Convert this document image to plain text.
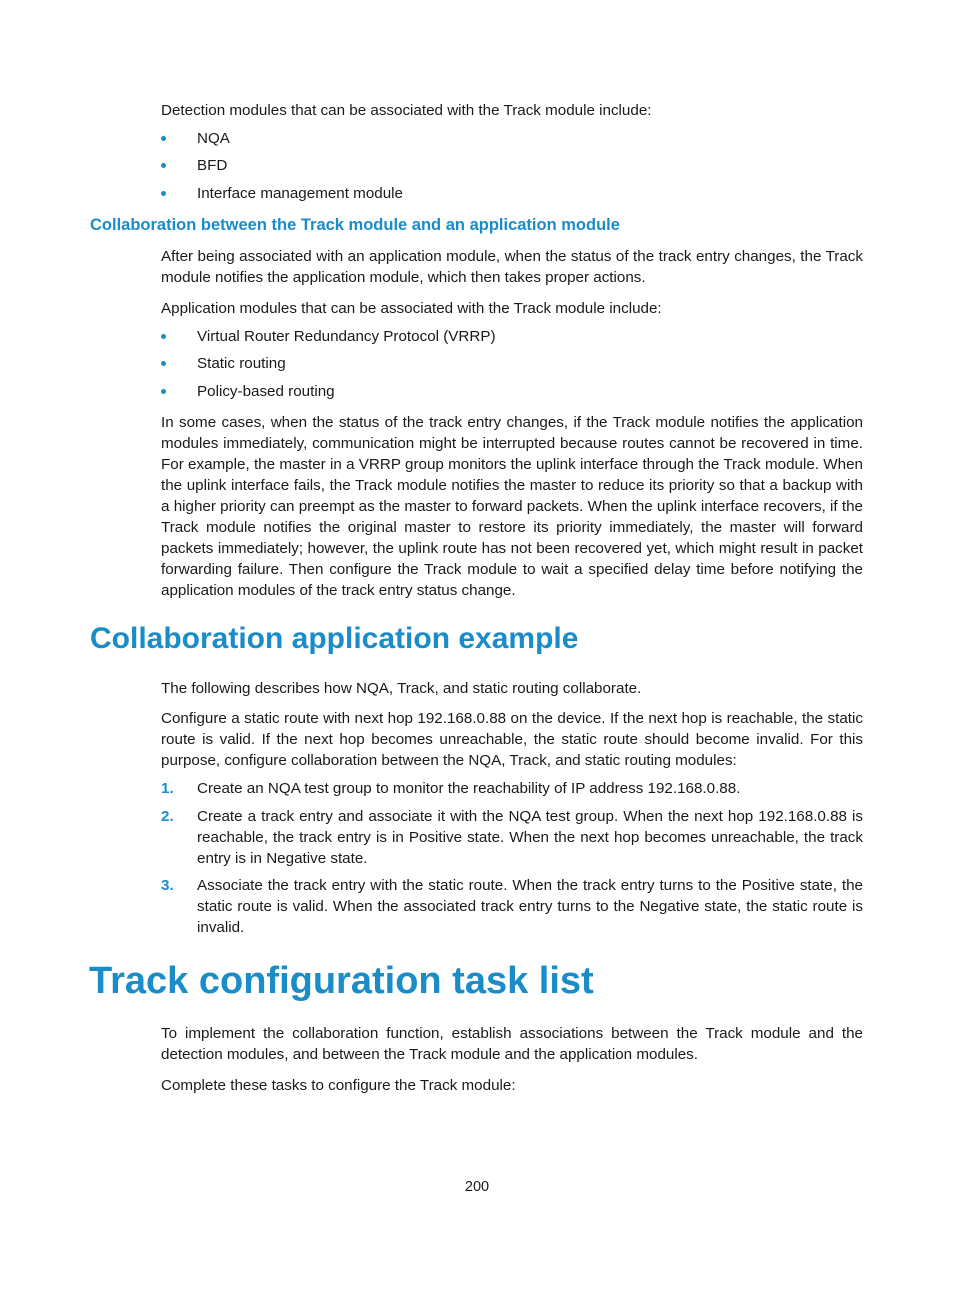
Detection modules that can be associated with the Track module include:

NQA
BFD
Interface management module
Collaboration between the Track module and an application module

After being associated with an application module, when the status of the track entry changes, the Track module notifies the application module, which then takes proper actions.

Application modules that can be associated with the Track module include:

Virtual Router Redundancy Protocol (VRRP)
Static routing
Policy-based routing

In some cases, when the status of the track entry changes, if the Track module notifies the application modules immediately, communication might be interrupted because routes cannot be recovered in time. For example, the master in a VRRP group monitors the uplink interface through the Track module. When the uplink interface fails, the Track module notifies the master to reduce its priority so that a backup with a higher priority can preempt as the master to forward packets. When the uplink interface recovers, if the Track module notifies the original master to restore its priority immediately, the master will forward packets immediately; however, the uplink route has not been recovered yet, which might result in packet forwarding failure. Then configure the Track module to wait a specified delay time before notifying the application modules of the track entry status change.

Collaboration application example

The following describes how NQA, Track, and static routing collaborate.

Configure a static route with next hop 192.168.0.88 on the device. If the next hop is reachable, the static route is valid. If the next hop becomes unreachable, the static route should become invalid. For this purpose, configure collaboration between the NQA, Track, and static routing modules:

1. Create an NQA test group to monitor the reachability of IP address 192.168.0.88.
2. Create a track entry and associate it with the NQA test group. When the next hop 192.168.0.88 is reachable, the track entry is in Positive state. When the next hop becomes unreachable, the track entry is in Negative state.
3. Associate the track entry with the static route. When the track entry turns to the Positive state, the static route is valid. When the associated track entry turns to the Negative state, the static route is invalid.
Track configuration task list

To implement the collaboration function, establish associations between the Track module and the detection modules, and between the Track module and the application modules.

Complete these tasks to configure the Track module:

200
